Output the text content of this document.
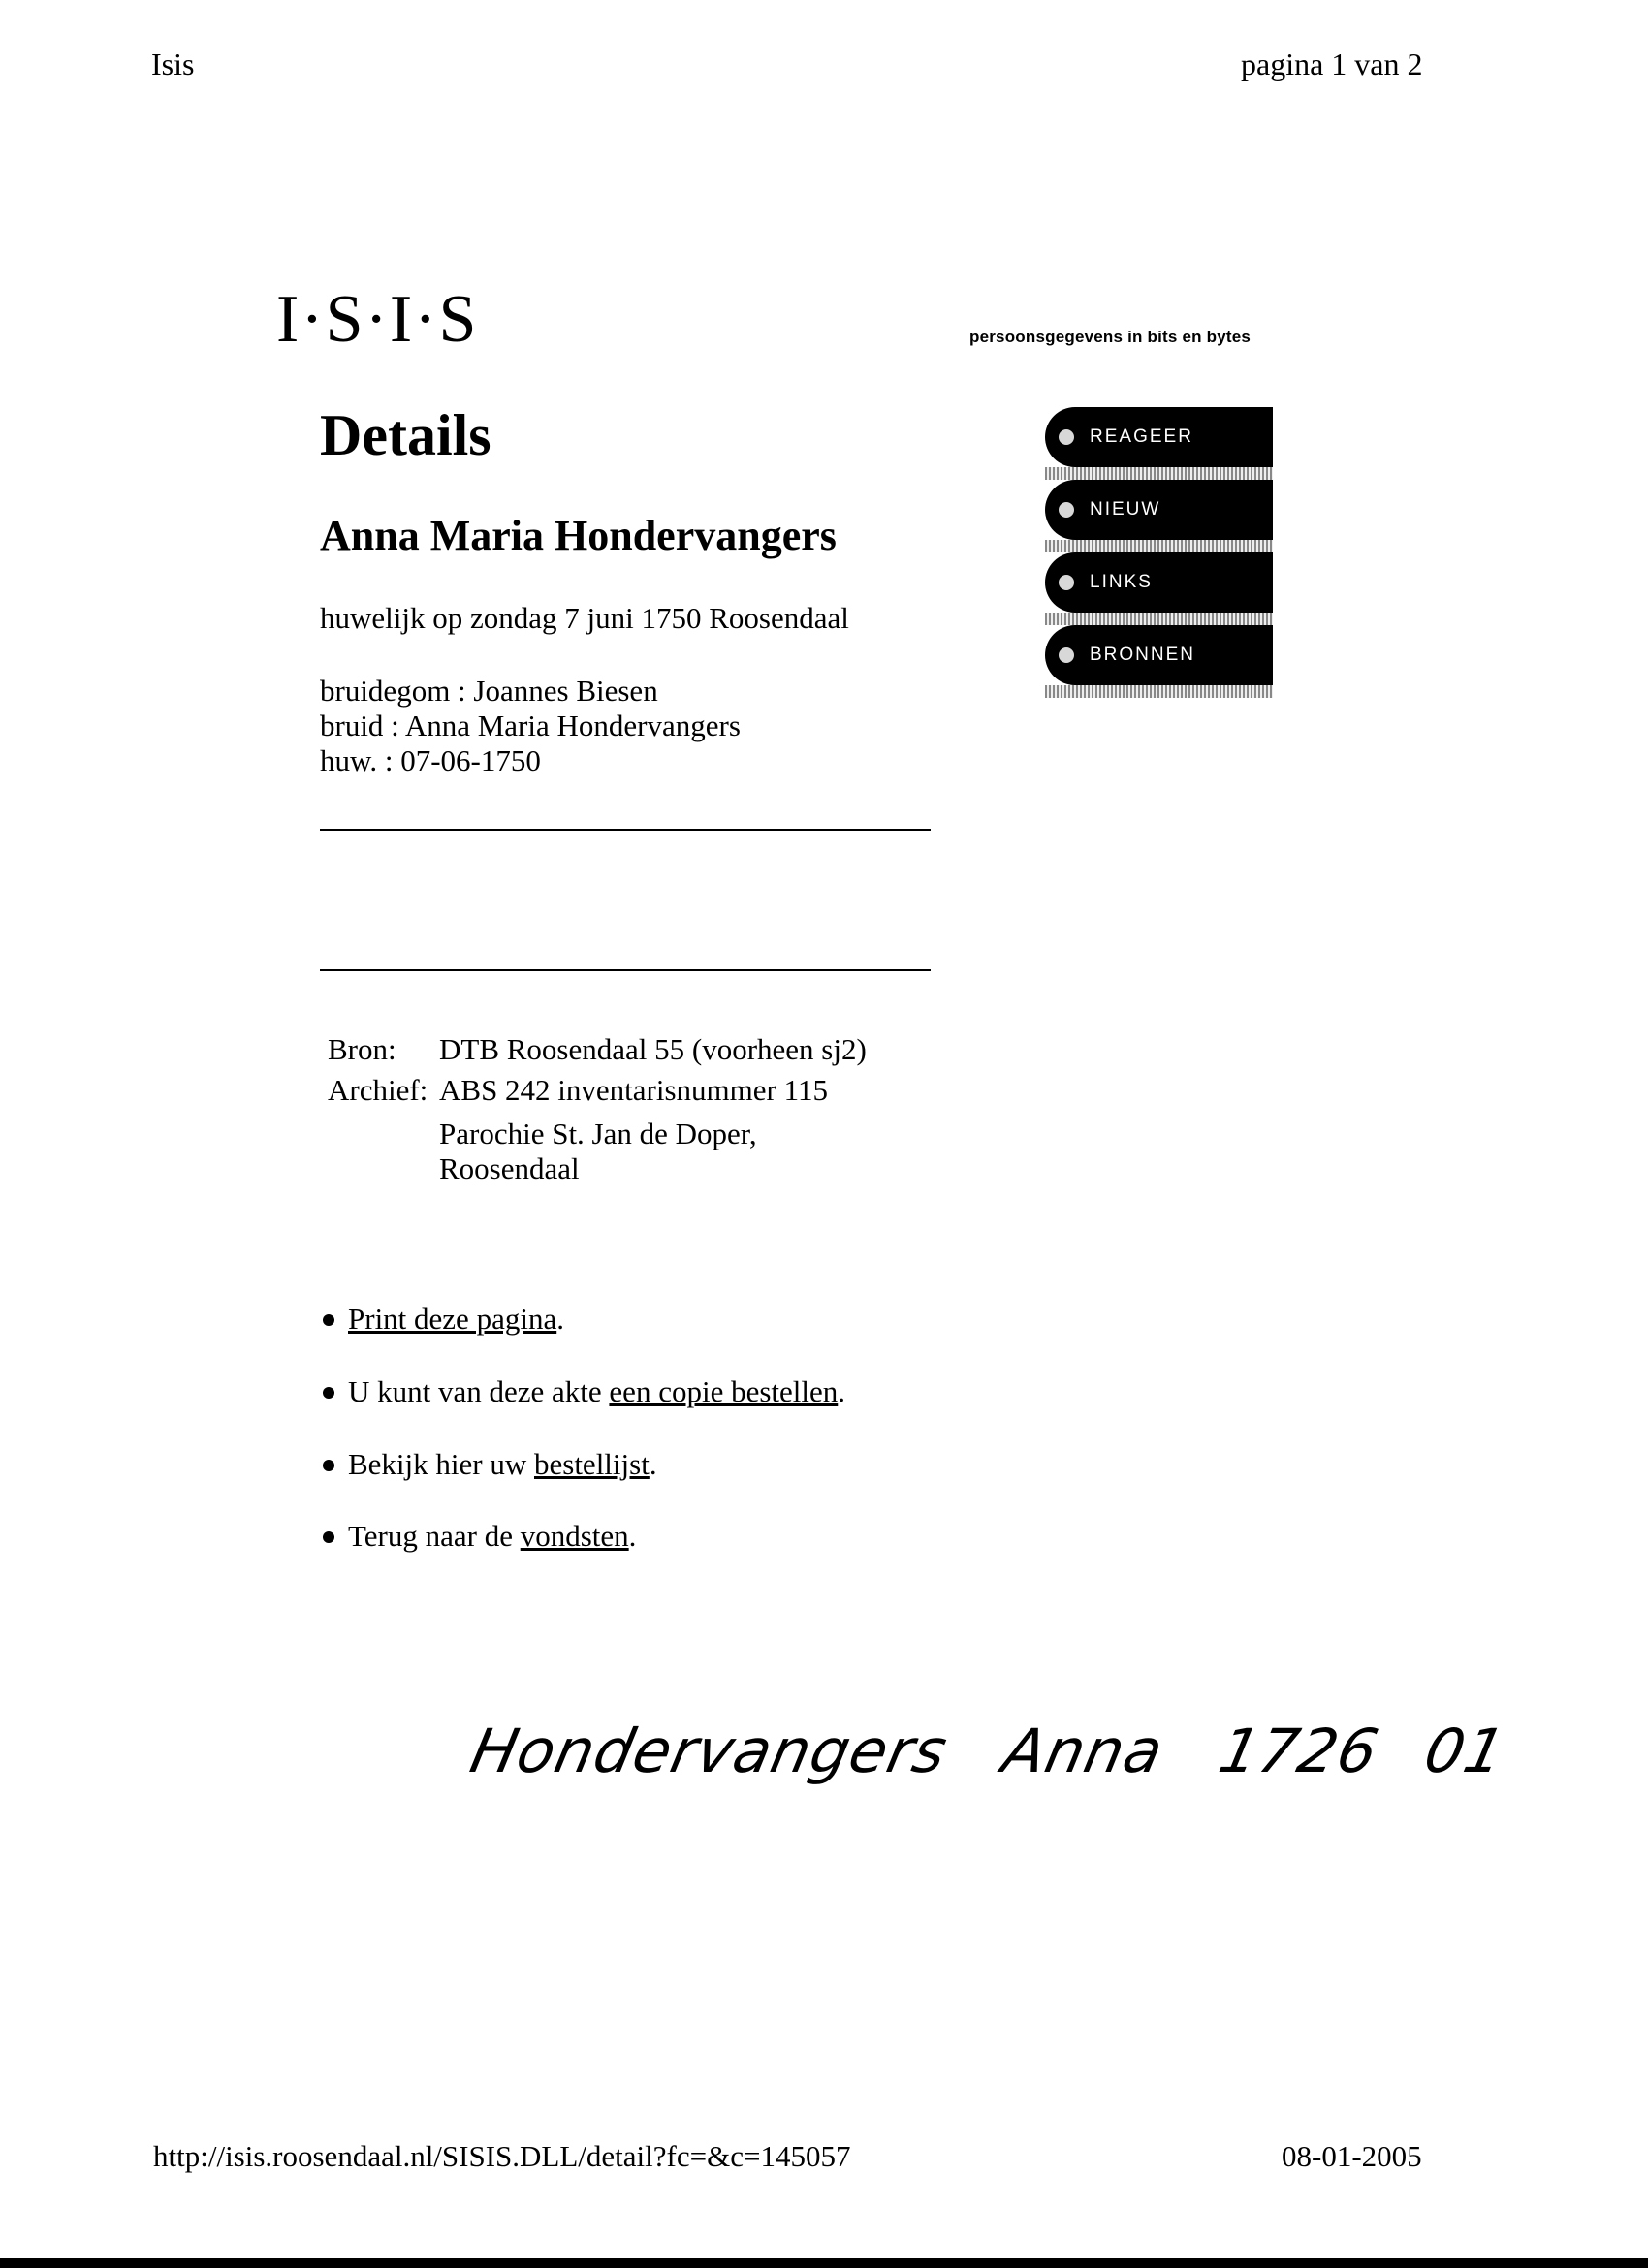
Isis	pagina 1 van 2
I·S·I·S	persoonsgegevens in bits en bytes
REAGEER
NIEUW
LINKS
BRONNEN
Details
Anna Maria Hondervangers
huwelijk op zondag 7 juni 1750 Roosendaal
bruidegom : Joannes Biesen
bruid : Anna Maria Hondervangers
huw. : 07-06-1750
Bron: DTB Roosendaal 55 (voorheen sj2)
Archief: ABS 242 inventarisnummer 115
Parochie St. Jan de Doper,
Roosendaal
Print deze pagina.
U kunt van deze akte een copie bestellen.
Bekijk hier uw bestellijst.
Terug naar de vondsten.
Hondervangers Anna 1726 01
http://isis.roosendaal.nl/SISIS.DLL/detail?fc=&c=145057	08-01-2005
